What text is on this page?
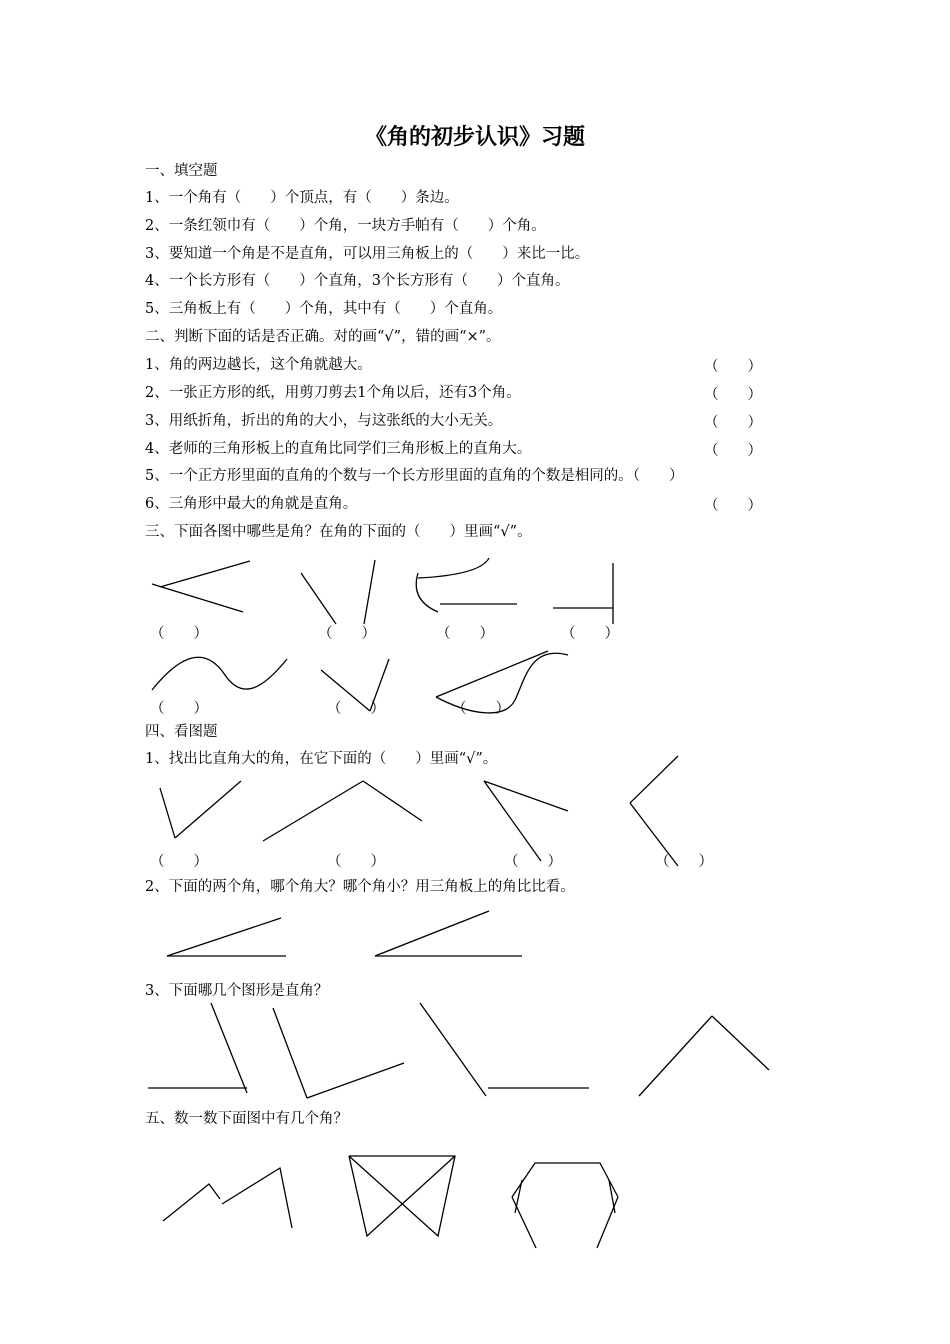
《角的初步认识》习题
一、填空题
1、一个角有（　　）个顶点，有（　　）条边。
2、一条红领巾有（　　）个角，一块方手帕有（　　）个角。
3、要知道一个角是不是直角，可以用三角板上的（　　）来比一比。
4、一个长方形有（　　）个直角，3个长方形有（　　）个直角。
5、三角板上有（　　）个角，其中有（　　）个直角。
二、判断下面的话是否正确。对的画“√”，错的画“×”。
1、角的两边越长，这个角就越大。	（　　）
2、一张正方形的纸，用剪刀剪去1个角以后，还有3个角。	（　　）
3、用纸折角，折出的角的大小，与这张纸的大小无关。	（　　）
4、老师的三角形板上的直角比同学们三角形板上的直角大。	（　　）
5、一个正方形里面的直角的个数与一个长方形里面的直角的个数是相同的。（　　）
6、三角形中最大的角就是直角。	（　　）
三、下面各图中哪些是角？在角的下面的（　　）里画“√”。
（　　）	（　　）	（　　）	（　　）
（　　）	（　　）	（　　）
四、看图题
1、找出比直角大的角，在它下面的（　　）里画“√”。
（　　）	（　　）	（　　）	（　　）
2、下面的两个角，哪个角大？哪个角小？用三角板上的角比比看。
3、下面哪几个图形是直角？
五、数一数下面图中有几个角？
